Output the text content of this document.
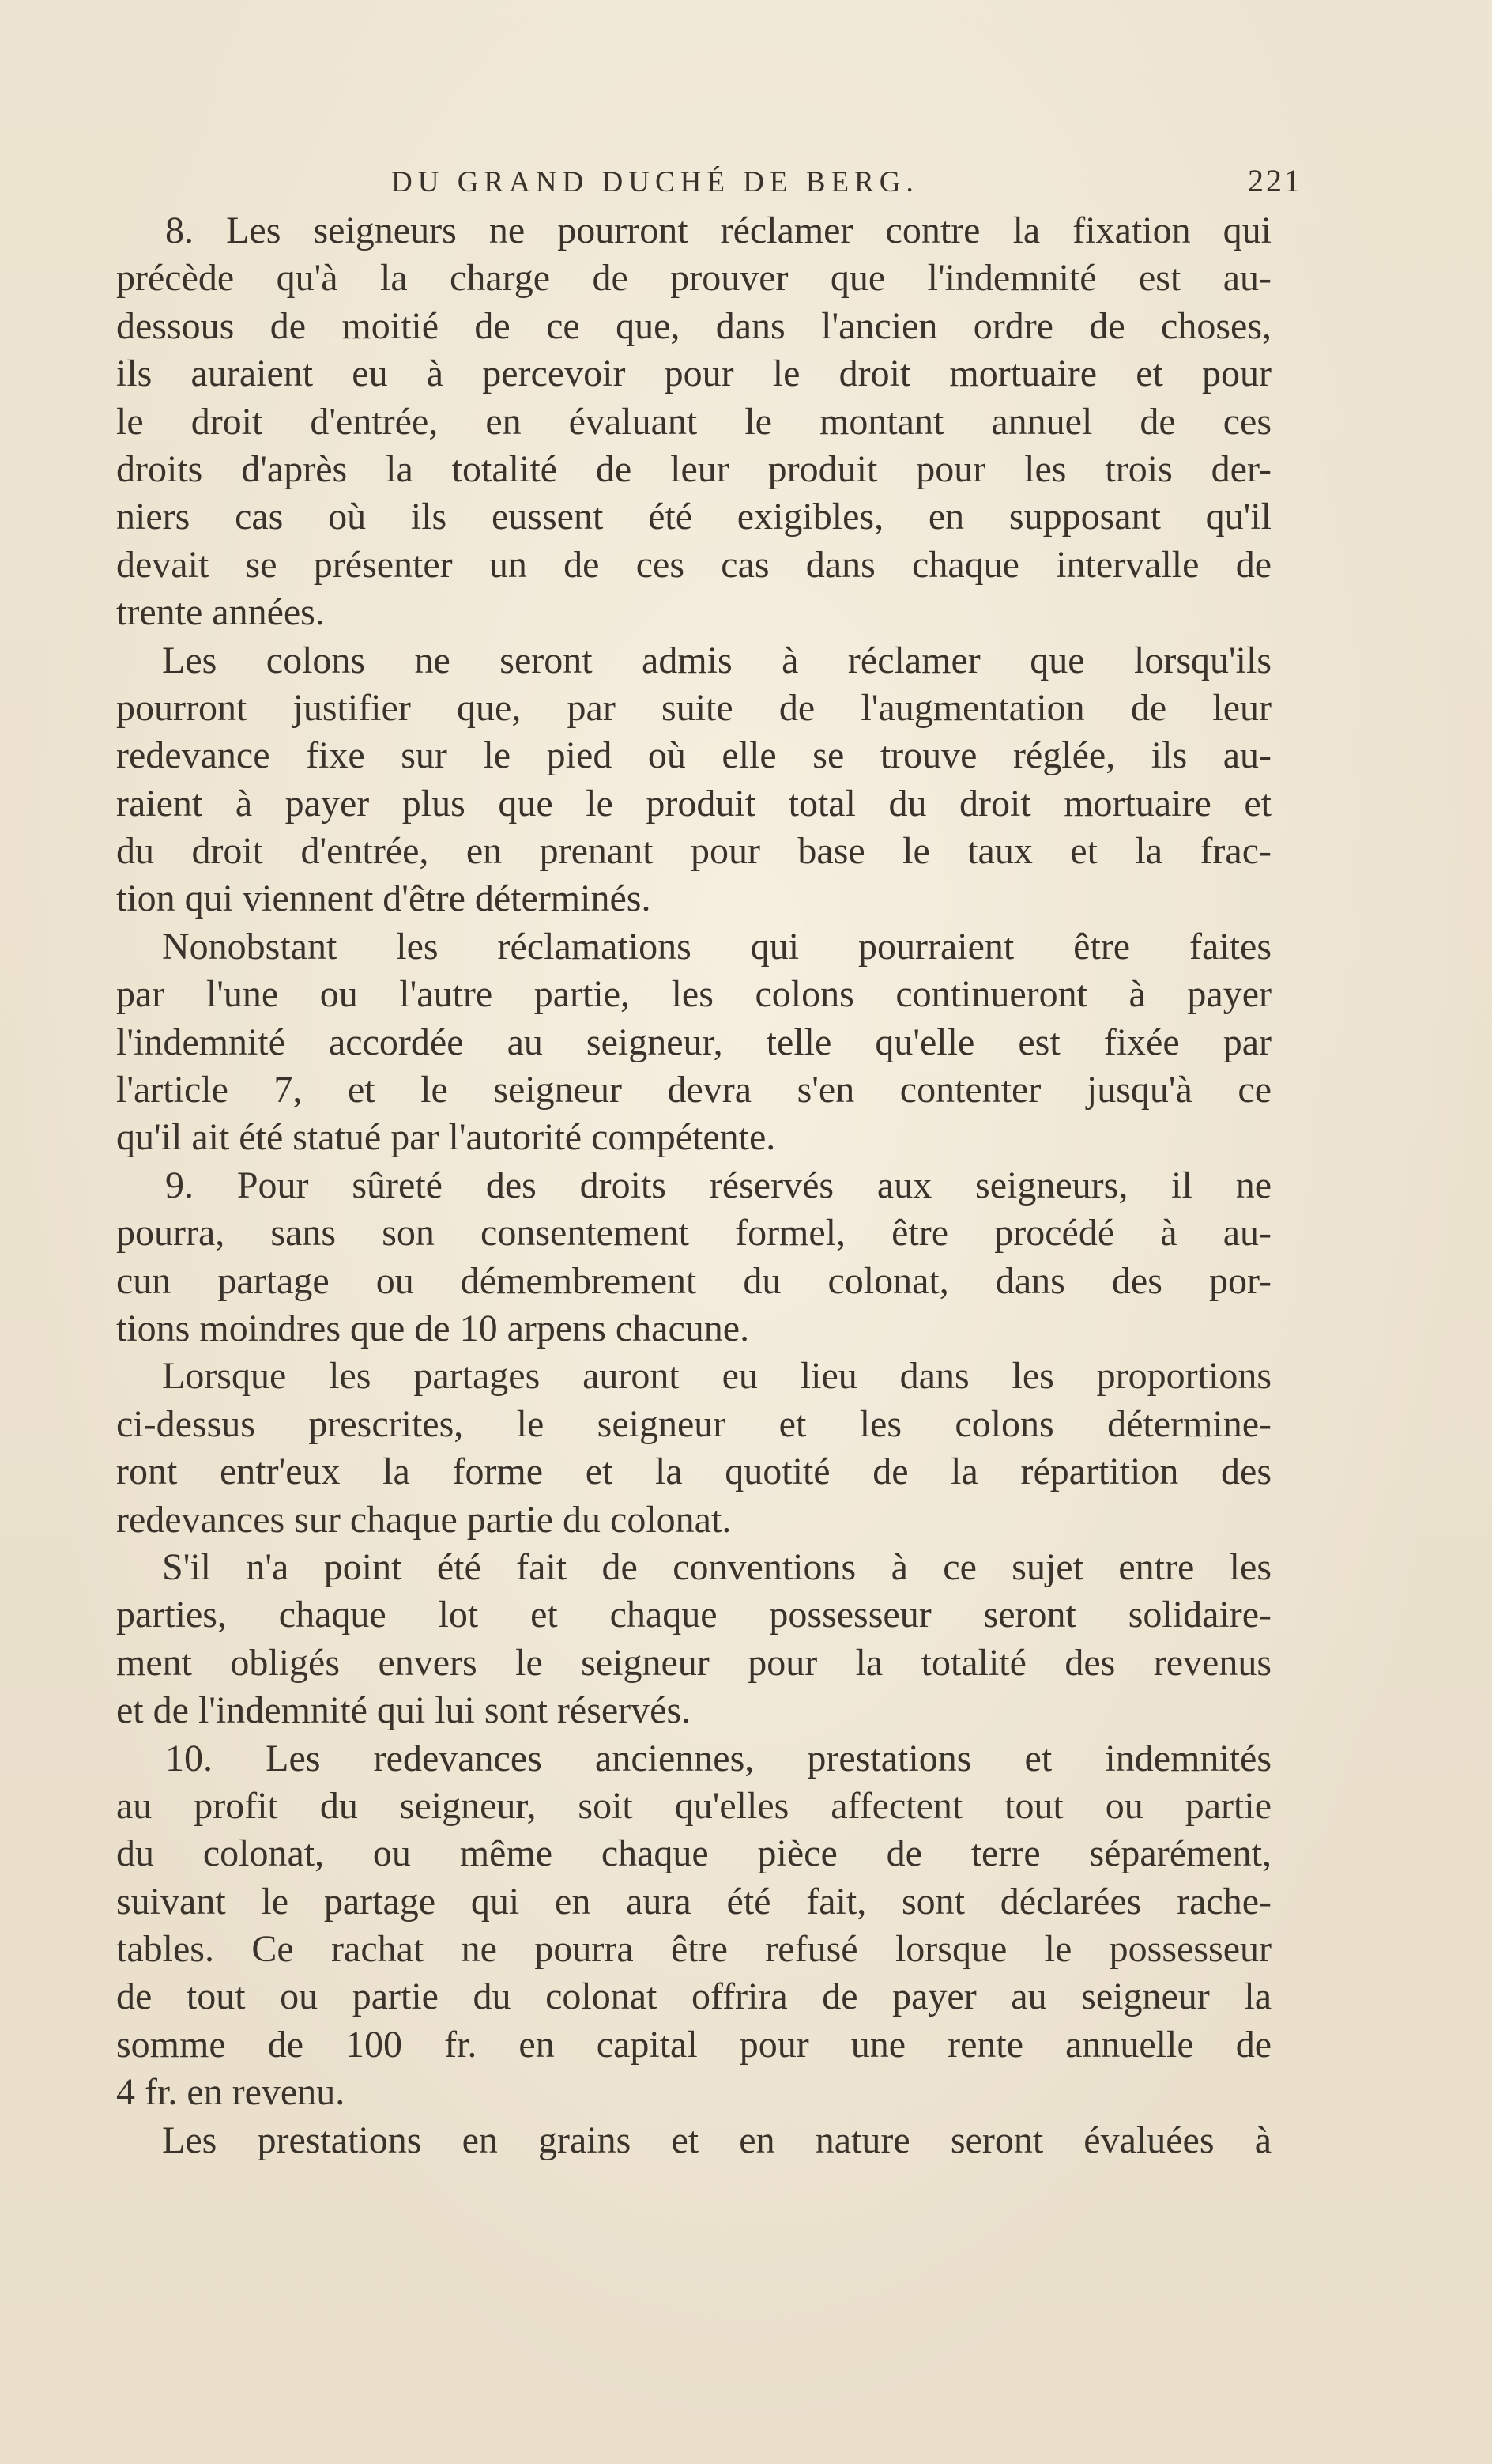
DU GRAND DUCHÉ DE BERG.	221
8. Les seigneurs ne pourront réclamer contre la fixation qui
précède qu'à la charge de prouver que l'indemnité est au-
dessous de moitié de ce que, dans l'ancien ordre de choses,
ils auraient eu à percevoir pour le droit mortuaire et pour
le droit d'entrée, en évaluant le montant annuel de ces
droits d'après la totalité de leur produit pour les trois der-
niers cas où ils eussent été exigibles, en supposant qu'il
devait se présenter un de ces cas dans chaque intervalle de
trente années.
Les colons ne seront admis à réclamer que lorsqu'ils
pourront justifier que, par suite de l'augmentation de leur
redevance fixe sur le pied où elle se trouve réglée, ils au-
raient à payer plus que le produit total du droit mortuaire et
du droit d'entrée, en prenant pour base le taux et la frac-
tion qui viennent d'être déterminés.
Nonobstant les réclamations qui pourraient être faites
par l'une ou l'autre partie, les colons continueront à payer
l'indemnité accordée au seigneur, telle qu'elle est fixée par
l'article 7, et le seigneur devra s'en contenter jusqu'à ce
qu'il ait été statué par l'autorité compétente.
9. Pour sûreté des droits réservés aux seigneurs, il ne
pourra, sans son consentement formel, être procédé à au-
cun partage ou démembrement du colonat, dans des por-
tions moindres que de 10 arpens chacune.
Lorsque les partages auront eu lieu dans les proportions
ci-dessus prescrites, le seigneur et les colons détermine-
ront entr'eux la forme et la quotité de la répartition des
redevances sur chaque partie du colonat.
S'il n'a point été fait de conventions à ce sujet entre les
parties, chaque lot et chaque possesseur seront solidaire-
ment obligés envers le seigneur pour la totalité des revenus
et de l'indemnité qui lui sont réservés.
10. Les redevances anciennes, prestations et indemnités
au profit du seigneur, soit qu'elles affectent tout ou partie
du colonat, ou même chaque pièce de terre séparément,
suivant le partage qui en aura été fait, sont déclarées rache-
tables. Ce rachat ne pourra être refusé lorsque le possesseur
de tout ou partie du colonat offrira de payer au seigneur la
somme de 100 fr. en capital pour une rente annuelle de
4 fr. en revenu.
Les prestations en grains et en nature seront évaluées à
